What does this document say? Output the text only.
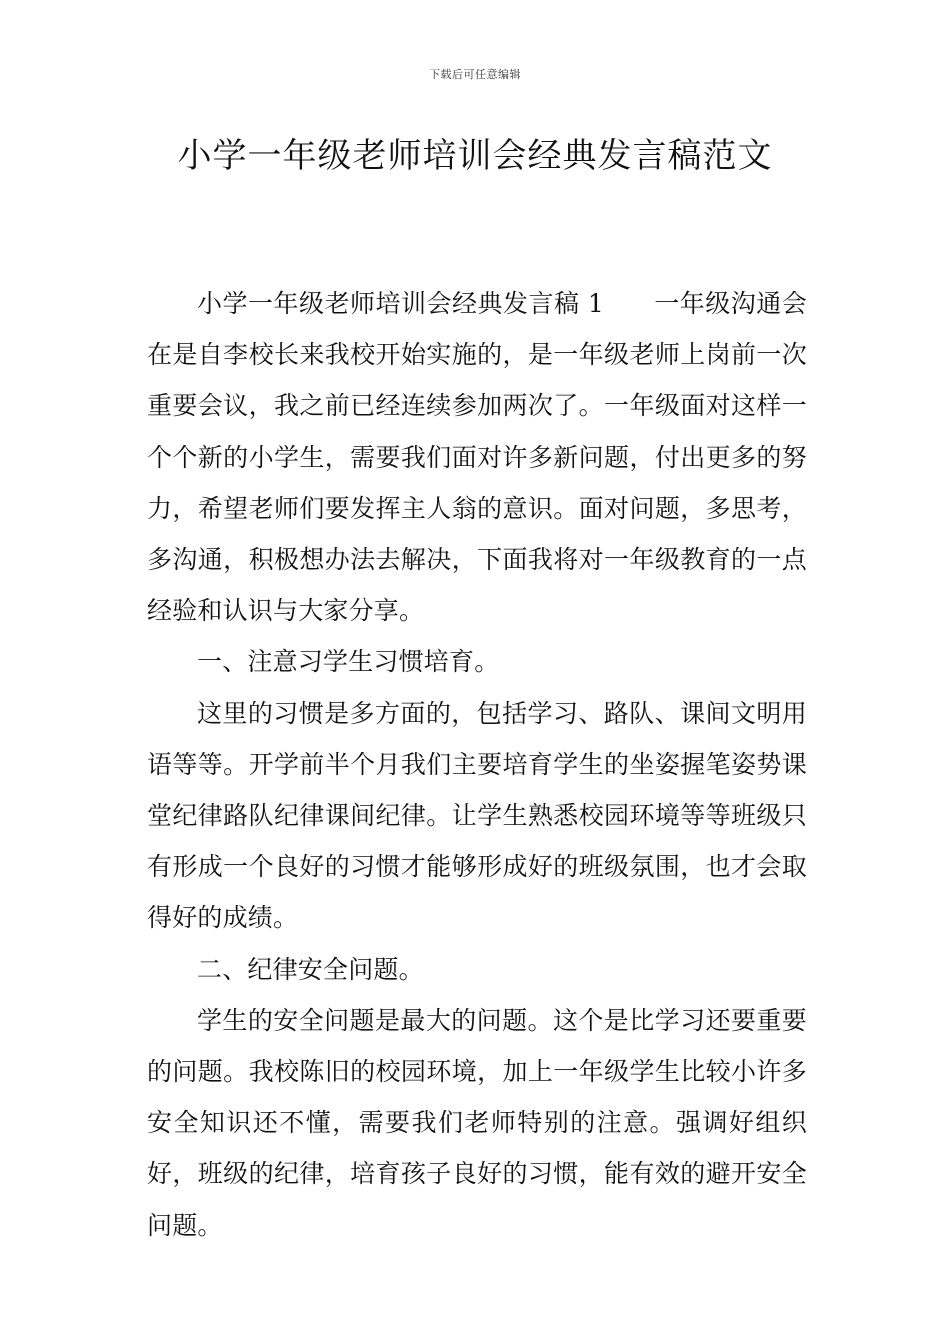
下载后可任意编辑
小学一年级老师培训会经典发言稿范文

小学一年级老师培训会经典发言稿 1 一年级沟通会在是自李校长来我校开始实施的，是一年级老师上岗前一次重要会议，我之前已经连续参加两次了。一年级面对这样一个个新的小学生，需要我们面对许多新问题，付出更多的努力，希望老师们要发挥主人翁的意识。面对问题，多思考，多沟通，积极想办法去解决，下面我将对一年级教育的一点经验和认识与大家分享。

一、注意习学生习惯培育。

这里的习惯是多方面的，包括学习、路队、课间文明用语等等。开学前半个月我们主要培育学生的坐姿握笔姿势课堂纪律路队纪律课间纪律。让学生熟悉校园环境等等班级只有形成一个良好的习惯才能够形成好的班级氛围，也才会取得好的成绩。

二、纪律安全问题。

学生的安全问题是最大的问题。这个是比学习还要重要的问题。我校陈旧的校园环境，加上一年级学生比较小许多安全知识还不懂，需要我们老师特别的注意。强调好组织好，班级的纪律，培育孩子良好的习惯，能有效的避开安全问题。
